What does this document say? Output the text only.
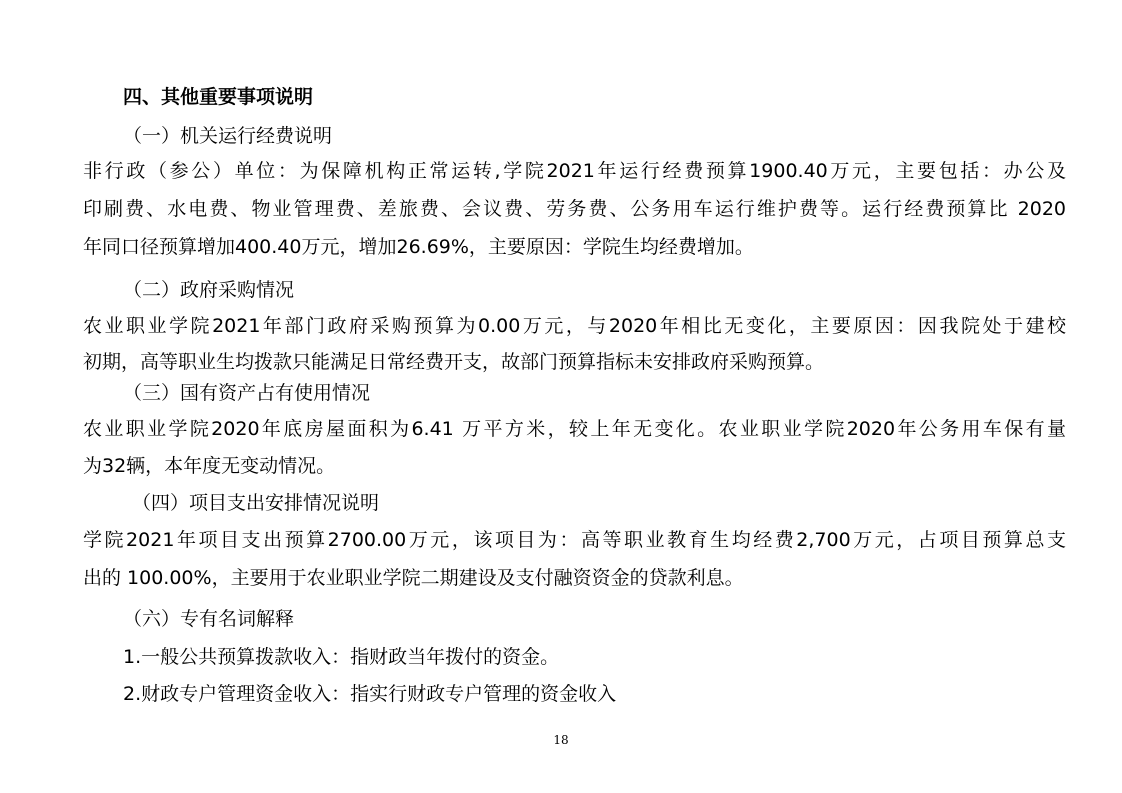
四、其他重要事项说明
（一）机关运行经费说明
非行政（参公）单位：为保障机构正常运转,学院2021年运行经费预算1900.40万元，主要包括：办公及
印刷费、水电费、物业管理费、差旅费、会议费、劳务费、公务用车运行维护费等。运行经费预算比 2020
年同口径预算增加400.40万元，增加26.69%，主要原因：学院生均经费增加。
（二）政府采购情况
农业职业学院2021年部门政府采购预算为0.00万元，与2020年相比无变化，主要原因：因我院处于建校
初期，高等职业生均拨款只能满足日常经费开支，故部门预算指标未安排政府采购预算。
（三）国有资产占有使用情况
农业职业学院2020年底房屋面积为6.41 万平方米，较上年无变化。农业职业学院2020年公务用车保有量
为32辆，本年度无变动情况。
（四）项目支出安排情况说明
学院2021年项目支出预算2700.00万元，该项目为：高等职业教育生均经费2,700万元，占项目预算总支
出的 100.00%，主要用于农业职业学院二期建设及支付融资资金的贷款利息。
（六）专有名词解释
1.一般公共预算拨款收入：指财政当年拨付的资金。
2.财政专户管理资金收入：指实行财政专户管理的资金收入
18
